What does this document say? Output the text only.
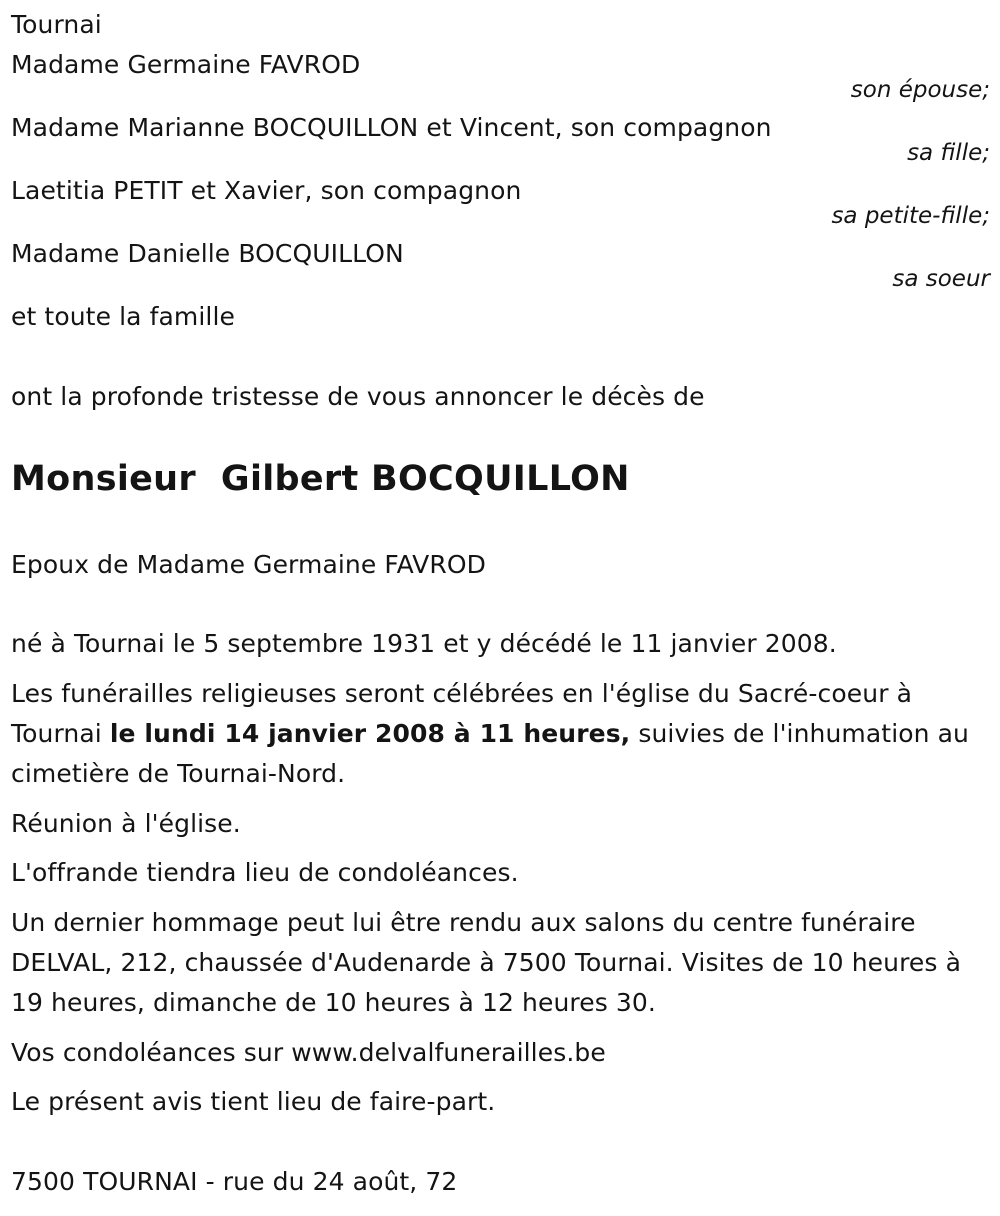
Tournai
Madame Germaine FAVROD
son épouse;
Madame Marianne BOCQUILLON et Vincent, son compagnon
sa fille;
Laetitia PETIT et Xavier, son compagnon
sa petite-fille;
Madame Danielle BOCQUILLON
sa soeur
et toute la famille
ont la profonde tristesse de vous annoncer le décès de
Monsieur Gilbert BOCQUILLON
Epoux de Madame Germaine FAVROD
né à Tournai le 5 septembre 1931 et y décédé le 11 janvier 2008.
Les funérailles religieuses seront célébrées en l'église du Sacré-coeur à Tournai le lundi 14 janvier 2008 à 11 heures, suivies de l'inhumation au cimetière de Tournai-Nord.
Réunion à l'église.
L'offrande tiendra lieu de condoléances.
Un dernier hommage peut lui être rendu aux salons du centre funéraire DELVAL, 212, chaussée d'Audenarde à 7500 Tournai. Visites de 10 heures à 19 heures, dimanche de 10 heures à 12 heures 30.
Vos condoléances sur www.delvalfunerailles.be
Le présent avis tient lieu de faire-part.
7500 TOURNAI - rue du 24 août, 72
